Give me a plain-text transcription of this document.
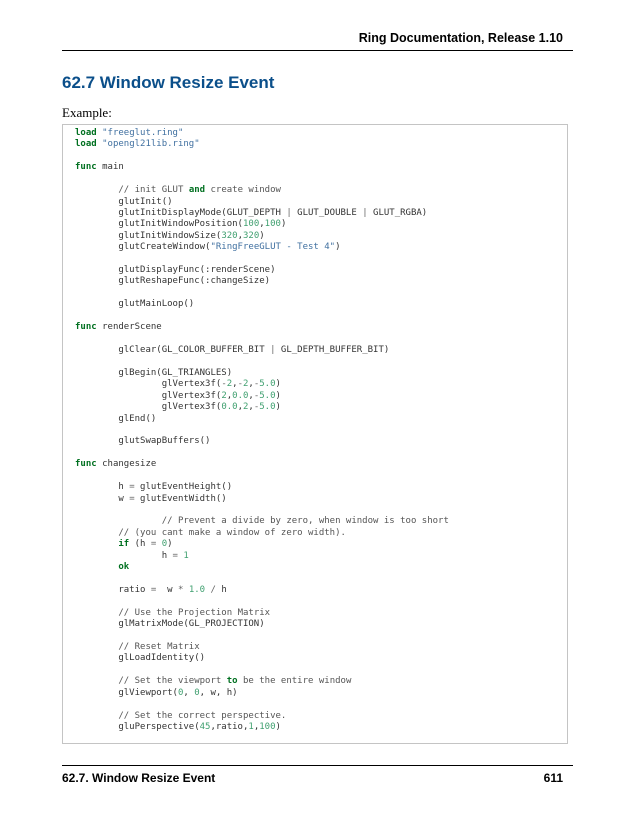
Ring Documentation, Release 1.10
62.7 Window Resize Event
Example:
load "freeglut.ring"
load "opengl21lib.ring"

func main

// init GLUT and create window
glutInit()
glutInitDisplayMode(GLUT_DEPTH | GLUT_DOUBLE | GLUT_RGBA)
glutInitWindowPosition(100,100)
glutInitWindowSize(320,320)
glutCreateWindow("RingFreeGLUT - Test 4")

glutDisplayFunc(:renderScene)
glutReshapeFunc(:changeSize)

glutMainLoop()

func renderScene

glClear(GL_COLOR_BUFFER_BIT | GL_DEPTH_BUFFER_BIT)

glBegin(GL_TRIANGLES)
glVertex3f(-2,-2,-5.0)
glVertex3f(2,0.0,-5.0)
glVertex3f(0.0,2,-5.0)
glEnd()

glutSwapBuffers()

func changesize

h = glutEventHeight()
w = glutEventWidth()

// Prevent a divide by zero, when window is too short
// (you cant make a window of zero width).
if (h = 0)
h = 1
ok

ratio =  w * 1.0 / h

// Use the Projection Matrix
glMatrixMode(GL_PROJECTION)

// Reset Matrix
glLoadIdentity()

// Set the viewport to be the entire window
glViewport(0, 0, w, h)

// Set the correct perspective.
gluPerspective(45,ratio,1,100)
62.7. Window Resize Event	611
